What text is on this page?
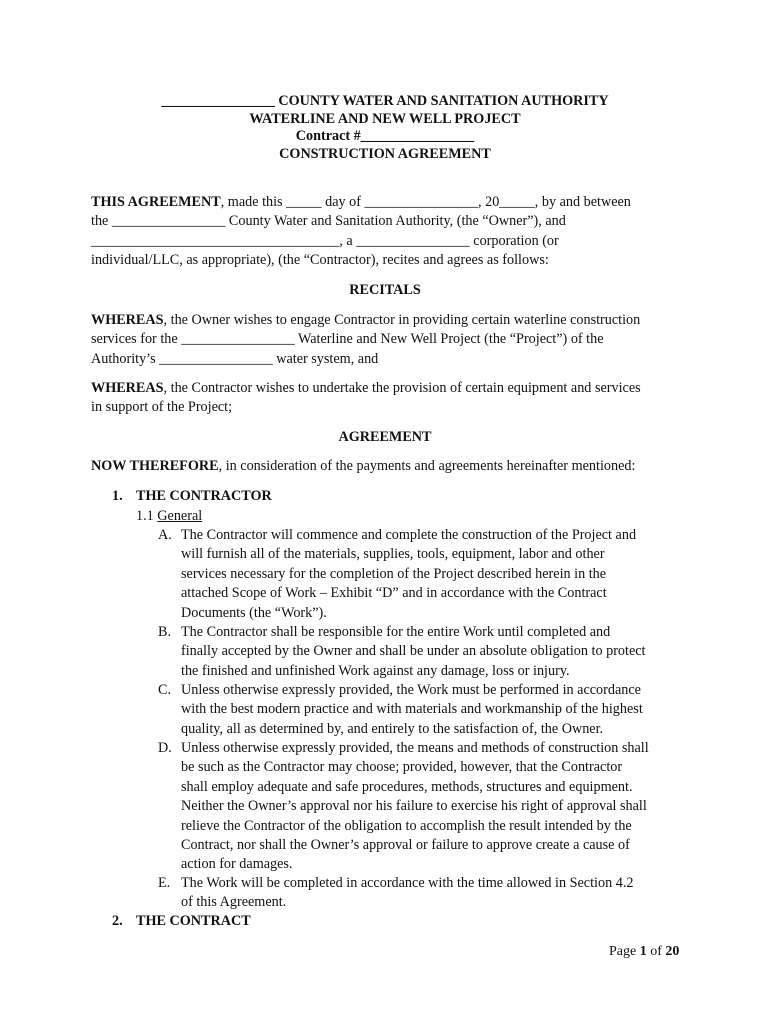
________________ COUNTY WATER AND SANITATION AUTHORITY
WATERLINE AND NEW WELL PROJECT
Contract #________________
CONSTRUCTION AGREEMENT
THIS AGREEMENT, made this _____ day of ________________, 20_____, by and between
the ________________ County Water and Sanitation Authority, (the “Owner”), and
___________________________________, a ________________ corporation (or
individual/LLC, as appropriate), (the “Contractor), recites and agrees as follows:
RECITALS
WHEREAS, the Owner wishes to engage Contractor in providing certain waterline construction
services for the ________________ Waterline and New Well Project (the “Project”) of the
Authority’s ________________ water system, and
WHEREAS, the Contractor wishes to undertake the provision of certain equipment and services
in support of the Project;
AGREEMENT
NOW THEREFORE, in consideration of the payments and agreements hereinafter mentioned:
1. THE CONTRACTOR
1.1 General
A. The Contractor will commence and complete the construction of the Project and
will furnish all of the materials, supplies, tools, equipment, labor and other
services necessary for the completion of the Project described herein in the
attached Scope of Work – Exhibit “D” and in accordance with the Contract
Documents (the “Work”).
B. The Contractor shall be responsible for the entire Work until completed and
finally accepted by the Owner and shall be under an absolute obligation to protect
the finished and unfinished Work against any damage, loss or injury.
C. Unless otherwise expressly provided, the Work must be performed in accordance
with the best modern practice and with materials and workmanship of the highest
quality, all as determined by, and entirely to the satisfaction of, the Owner.
D. Unless otherwise expressly provided, the means and methods of construction shall
be such as the Contractor may choose; provided, however, that the Contractor
shall employ adequate and safe procedures, methods, structures and equipment.
Neither the Owner’s approval nor his failure to exercise his right of approval shall
relieve the Contractor of the obligation to accomplish the result intended by the
Contract, nor shall the Owner’s approval or failure to approve create a cause of
action for damages.
E. The Work will be completed in accordance with the time allowed in Section 4.2
of this Agreement.
2. THE CONTRACT
Page 1 of 20
